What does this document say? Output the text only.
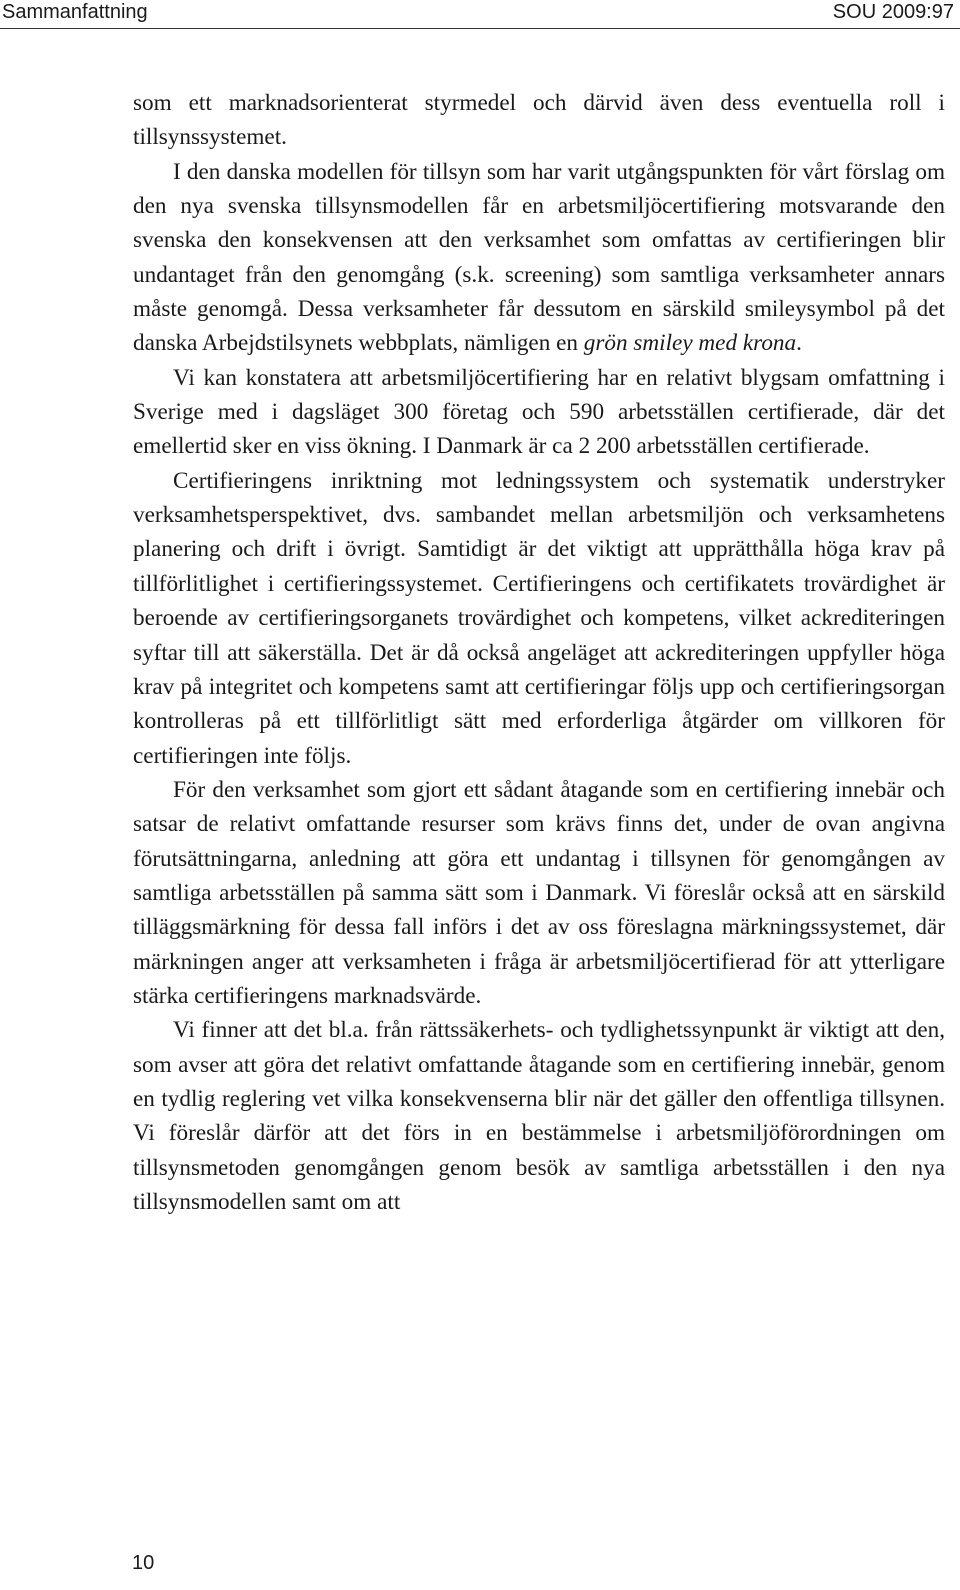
Sammanfattning	SOU 2009:97

som ett marknadsorienterat styrmedel och därvid även dess eventuella roll i tillsynssystemet.

I den danska modellen för tillsyn som har varit utgångspunkten för vårt förslag om den nya svenska tillsynsmodellen får en arbetsmiljöcertifiering motsvarande den svenska den konsekvensen att den verksamhet som omfattas av certifieringen blir undantaget från den genomgång (s.k. screening) som samtliga verksamheter annars måste genomgå. Dessa verksamheter får dessutom en särskild smileysymbol på det danska Arbejdstilsynets webbplats, nämligen en grön smiley med krona.

Vi kan konstatera att arbetsmiljöcertifiering har en relativt blygsam omfattning i Sverige med i dagsläget 300 företag och 590 arbetsställen certifierade, där det emellertid sker en viss ökning. I Danmark är ca 2 200 arbetsställen certifierade.

Certifieringens inriktning mot ledningssystem och systematik understryker verksamhetsperspektivet, dvs. sambandet mellan arbetsmiljön och verksamhetens planering och drift i övrigt. Samtidigt är det viktigt att upprätthålla höga krav på tillförlitlighet i certifieringssystemet. Certifieringens och certifikatets trovärdighet är beroende av certifieringsorganets trovärdighet och kompetens, vilket ackrediteringen syftar till att säkerställa. Det är då också angeläget att ackrediteringen uppfyller höga krav på integritet och kompetens samt att certifieringar följs upp och certifieringsorgan kontrolleras på ett tillförlitligt sätt med erforderliga åtgärder om villkoren för certifieringen inte följs.

För den verksamhet som gjort ett sådant åtagande som en certifiering innebär och satsar de relativt omfattande resurser som krävs finns det, under de ovan angivna förutsättningarna, anledning att göra ett undantag i tillsynen för genomgången av samtliga arbetsställen på samma sätt som i Danmark. Vi föreslår också att en särskild tilläggsmärkning för dessa fall införs i det av oss föreslagna märkningssystemet, där märkningen anger att verksamheten i fråga är arbetsmiljöcertifierad för att ytterligare stärka certifieringens marknadsvärde.

Vi finner att det bl.a. från rättssäkerhets- och tydlighetssynpunkt är viktigt att den, som avser att göra det relativt omfattande åtagande som en certifiering innebär, genom en tydlig reglering vet vilka konsekvenserna blir när det gäller den offentliga tillsynen. Vi föreslår därför att det förs in en bestämmelse i arbetsmiljöförordningen om tillsynsmetoden genomgången genom besök av samtliga arbetsställen i den nya tillsynsmodellen samt om att

10
